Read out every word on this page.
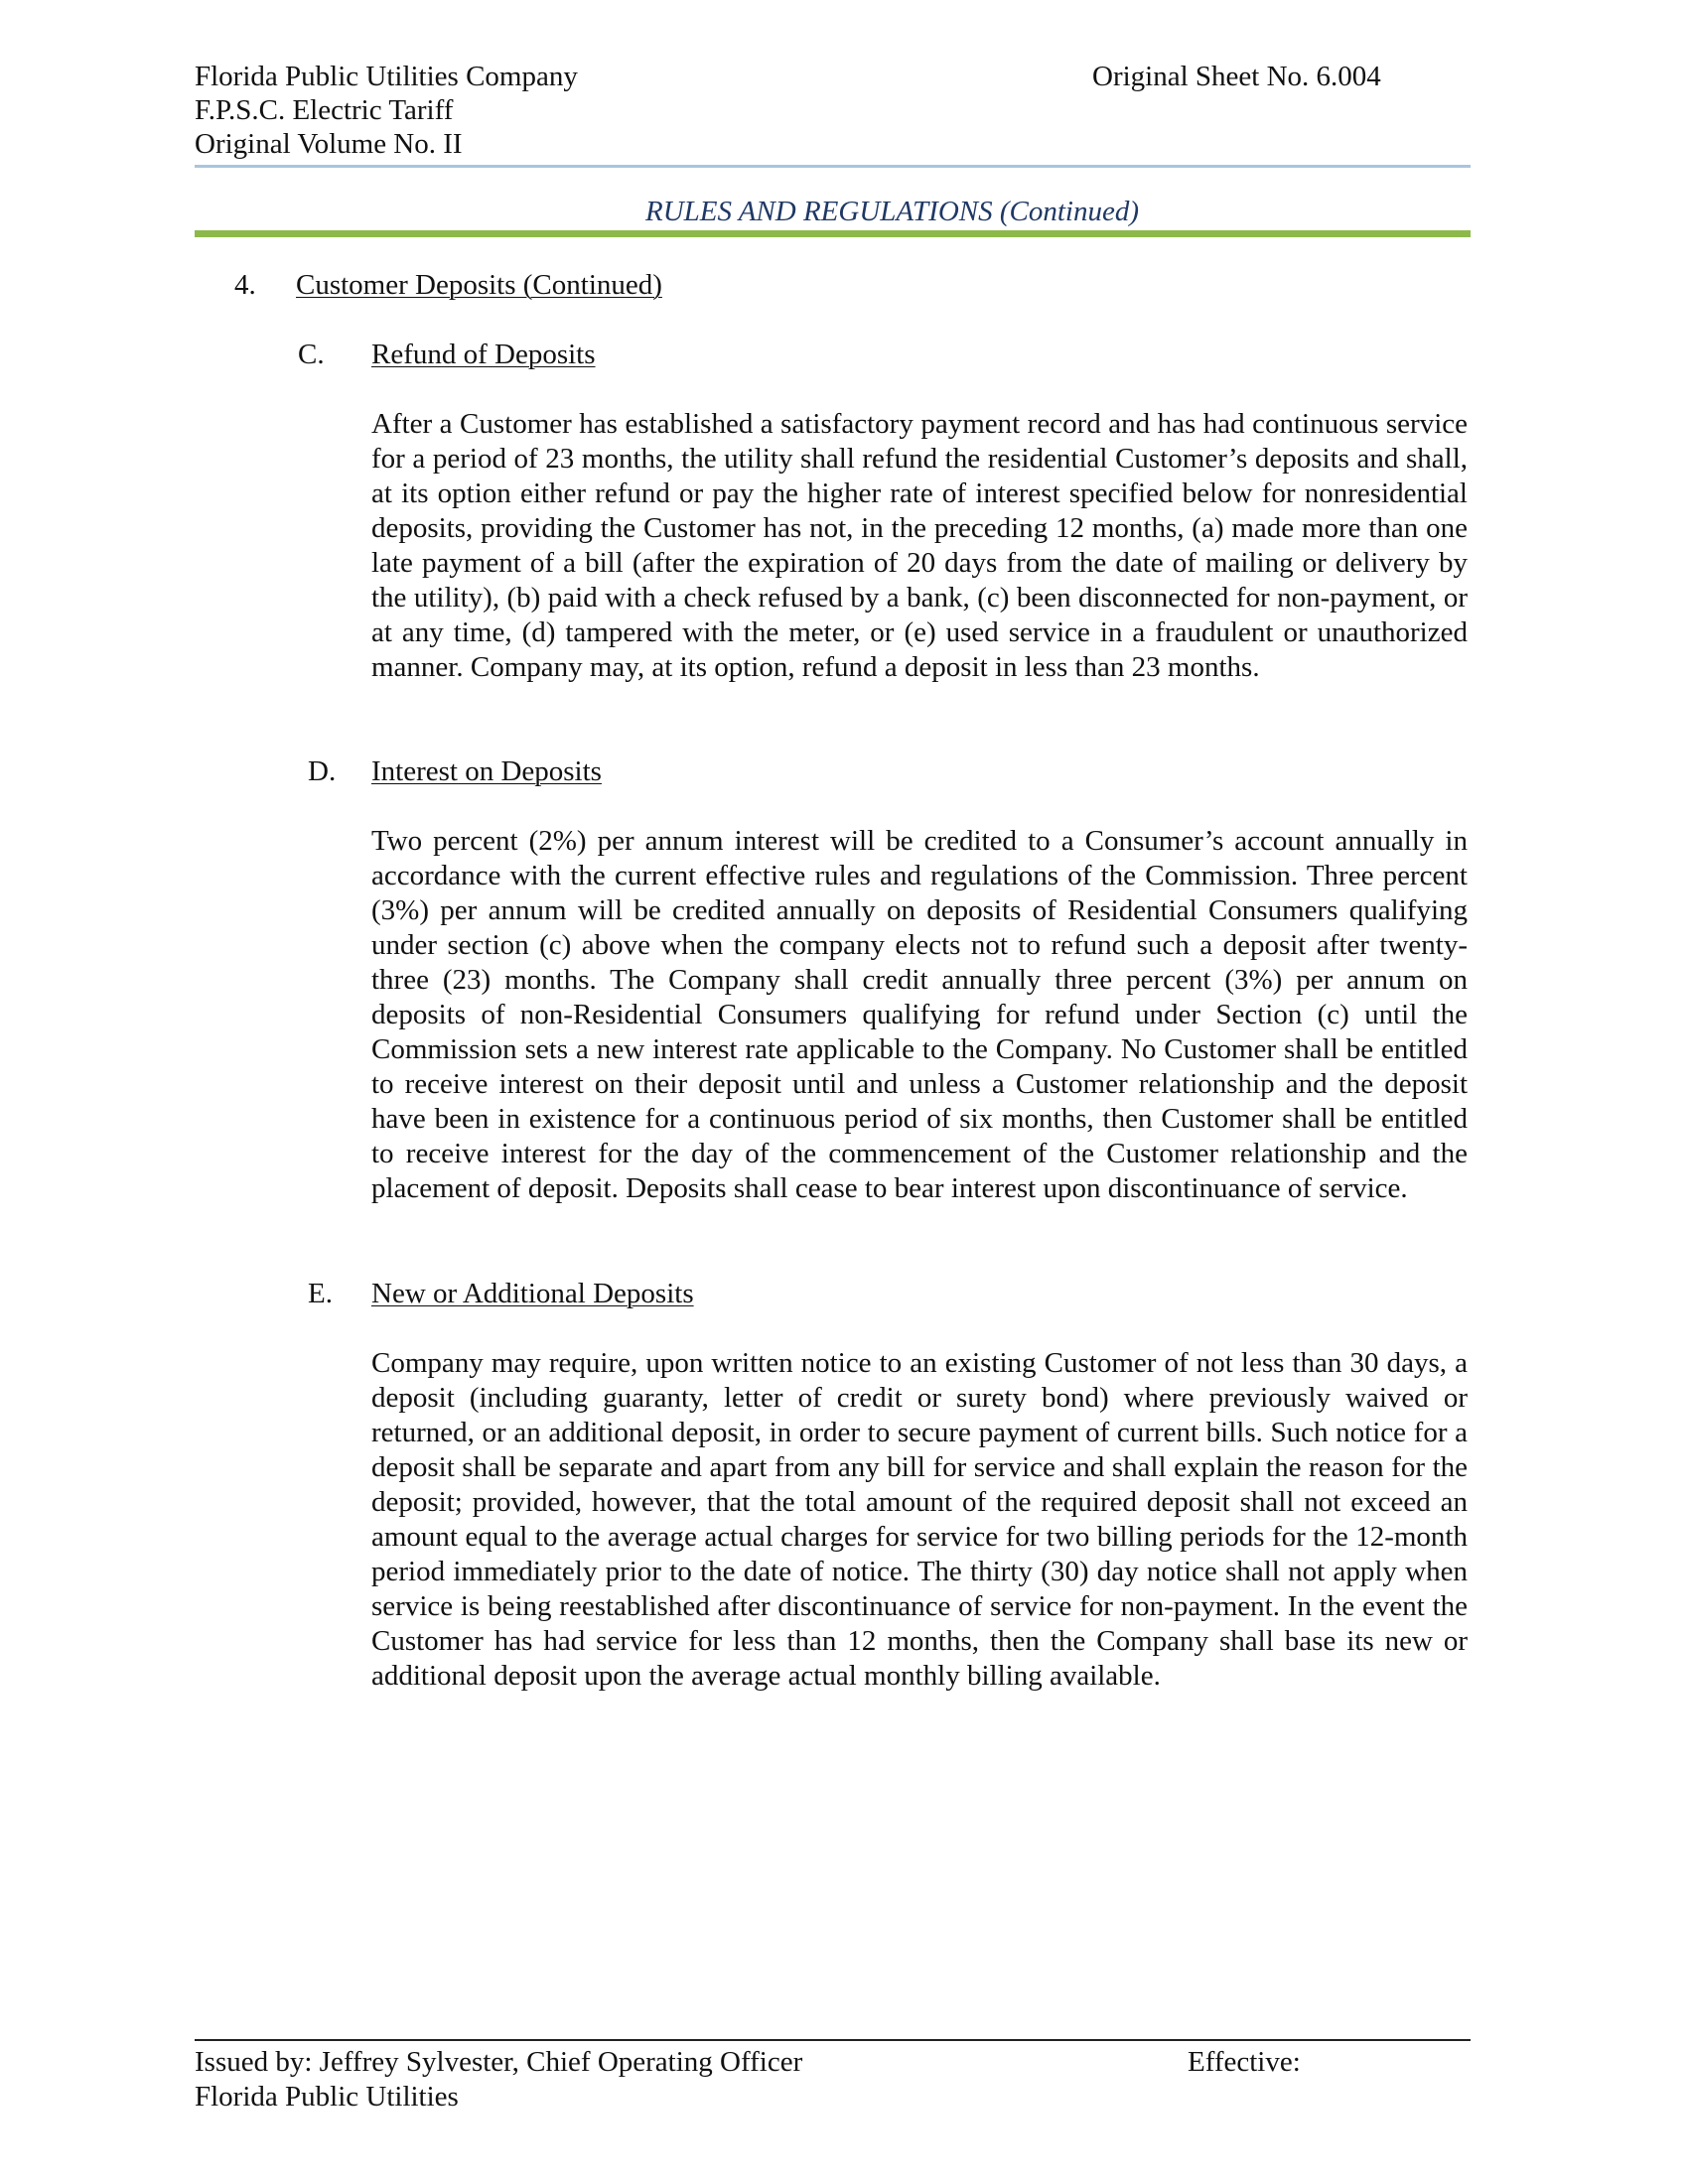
Florida Public Utilities Company
F.P.S.C. Electric Tariff
Original Volume No. II
Original Sheet No. 6.004
RULES AND REGULATIONS (Continued)
4. Customer Deposits (Continued)
C. Refund of Deposits
After a Customer has established a satisfactory payment record and has had continuous service for a period of 23 months, the utility shall refund the residential Customer’s deposits and shall, at its option either refund or pay the higher rate of interest specified below for nonresidential deposits, providing the Customer has not, in the preceding 12 months, (a) made more than one late payment of a bill (after the expiration of 20 days from the date of mailing or delivery by the utility), (b) paid with a check refused by a bank, (c) been disconnected for non-payment, or at any time, (d) tampered with the meter, or (e) used service in a fraudulent or unauthorized manner. Company may, at its option, refund a deposit in less than 23 months.
D. Interest on Deposits
Two percent (2%) per annum interest will be credited to a Consumer’s account annually in accordance with the current effective rules and regulations of the Commission. Three percent (3%) per annum will be credited annually on deposits of Residential Consumers qualifying under section (c) above when the company elects not to refund such a deposit after twenty-three (23) months. The Company shall credit annually three percent (3%) per annum on deposits of non-Residential Consumers qualifying for refund under Section (c) until the Commission sets a new interest rate applicable to the Company. No Customer shall be entitled to receive interest on their deposit until and unless a Customer relationship and the deposit have been in existence for a continuous period of six months, then Customer shall be entitled to receive interest for the day of the commencement of the Customer relationship and the placement of deposit. Deposits shall cease to bear interest upon discontinuance of service.
E. New or Additional Deposits
Company may require, upon written notice to an existing Customer of not less than 30 days, a deposit (including guaranty, letter of credit or surety bond) where previously waived or returned, or an additional deposit, in order to secure payment of current bills. Such notice for a deposit shall be separate and apart from any bill for service and shall explain the reason for the deposit; provided, however, that the total amount of the required deposit shall not exceed an amount equal to the average actual charges for service for two billing periods for the 12-month period immediately prior to the date of notice. The thirty (30) day notice shall not apply when service is being reestablished after discontinuance of service for non-payment. In the event the Customer has had service for less than 12 months, then the Company shall base its new or additional deposit upon the average actual monthly billing available.
Issued by: Jeffrey Sylvester, Chief Operating Officer
Florida Public Utilities
Effective:
